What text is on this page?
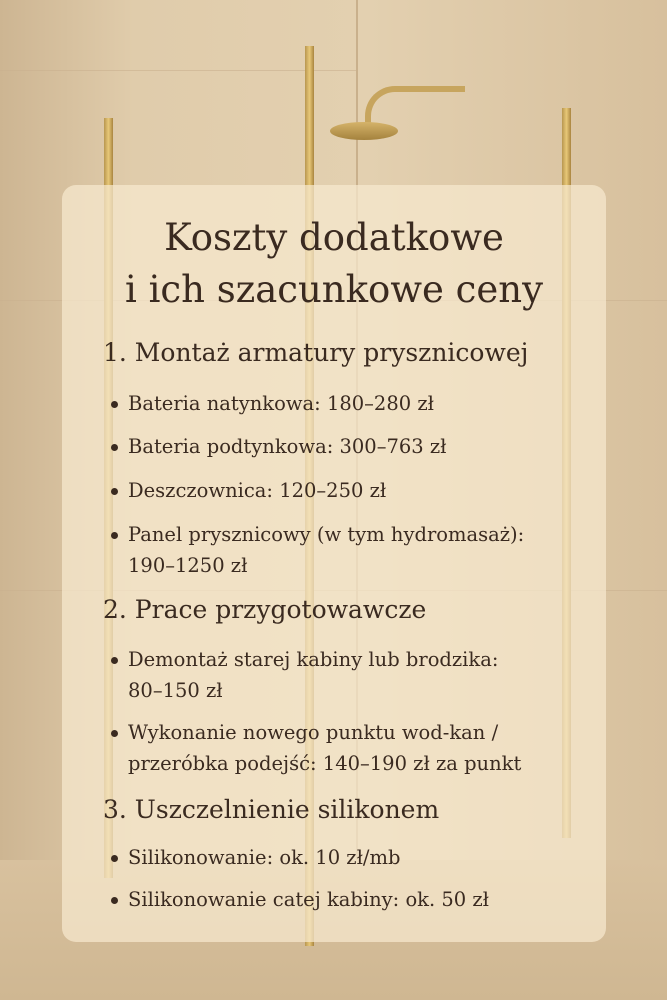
Koszty dodatkowe
i ich szacunkowe ceny
1. Montaż armatury prysznicowej
Bateria natynkowa: 180–280 zł
Bateria podtynkowa: 300–763 zł
Deszczownica: 120–250 zł
Panel prysznicowy (w tym hydromasaż):
190–1250 zł
2. Prace przygotowawcze
Demontaż starej kabiny lub brodzika:
80–150 zł
Wykonanie nowego punktu wod-kan /
przeróbka podejść: 140–190 zł za punkt
3. Uszczelnienie silikonem
Silikonowanie: ok. 10 zł/mb
Silikonowanie catej kabiny: ok. 50 zł
